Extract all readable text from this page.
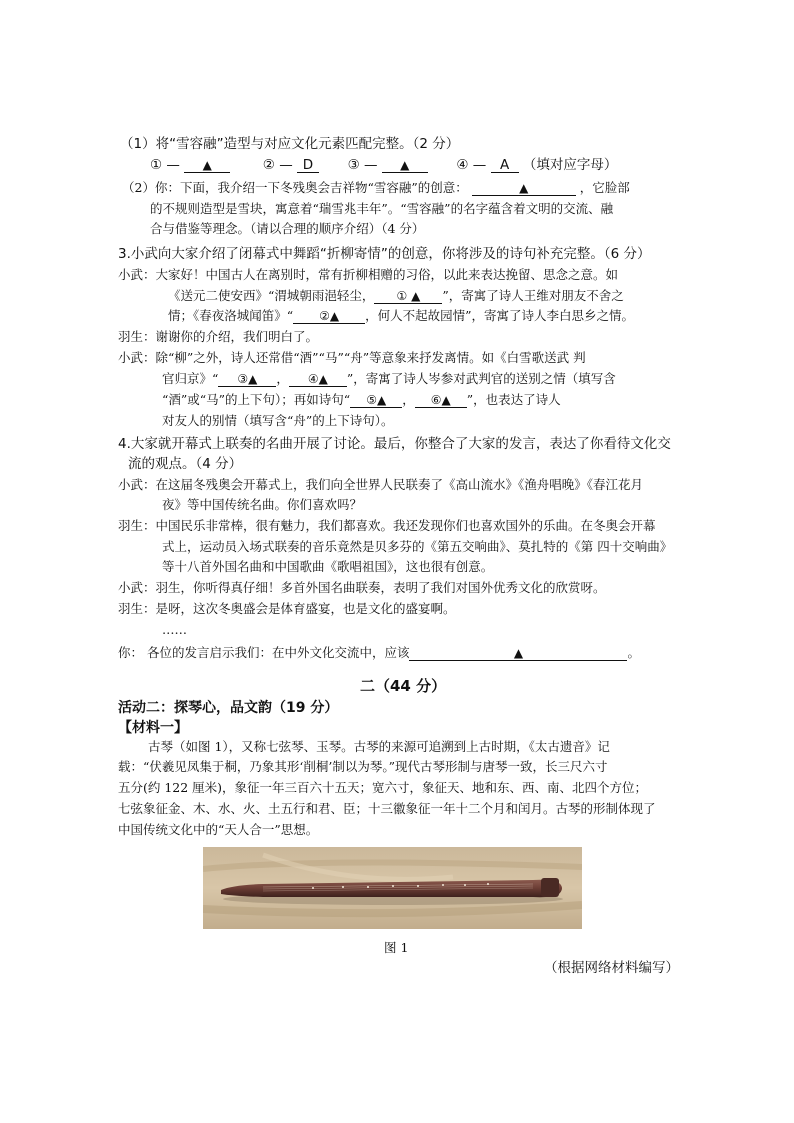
（1）将“雪容融”造型与对应文化元素匹配完整。（2 分）
① — ▲	② — D	③ — ▲	④ — A （填对应字母）
（2）你：下面，我介绍一下冬残奥会吉祥物“雪容融”的创意：	▲	，它脸部
的不规则造型是雪块，寓意着“瑞雪兆丰年”。“雪容融”的名字蕴含着文明的交流、融
合与借鉴等理念。（请以合理的顺序介绍）（4 分）
3.小武向大家介绍了闭幕式中舞蹈“折柳寄情”的创意，你将涉及的诗句补充完整。（6 分）
小武：大家好！中国古人在离别时，常有折柳相赠的习俗，以此来表达挽留、思念之意。如
《送元二使安西》“渭城朝雨浥轻尘， ① ▲ ”，寄寓了诗人王维对朋友不舍之
情；《春夜洛城闻笛》“ ②▲ ，何人不起故园情”，寄寓了诗人李白思乡之情。
羽生：谢谢你的介绍，我们明白了。
小武：除“柳”之外，诗人还常借“酒”“马”“舟”等意象来抒发离情。如《白雪歌送武 判
官归京》“ ③▲ ， ④▲ ”，寄寓了诗人岑参对武判官的送别之情（填写含
“酒”或“马”的上下句）；再如诗句“ ⑤▲ ， ⑥▲ ”，也表达了诗人
对友人的别情（填写含“舟”的上下诗句）。
4.大家就开幕式上联奏的名曲开展了讨论。最后，你整合了大家的发言，表达了你看待文化交
流的观点。（4 分）
小武：在这届冬残奥会开幕式上，我们向全世界人民联奏了《高山流水》《渔舟唱晚》《春江花月
夜》等中国传统名曲。你们喜欢吗？
羽生：中国民乐非常棒，很有魅力，我们都喜欢。我还发现你们也喜欢国外的乐曲。在冬奥会开幕
式上，运动员入场式联奏的音乐竟然是贝多芬的《第五交响曲》、莫扎特的《第 四十交响曲》
等十八首外国名曲和中国歌曲《歌唱祖国》，这也很有创意。
小武：羽生，你听得真仔细！多首外国名曲联奏，表明了我们对国外优秀文化的欣赏呀。
羽生：是呀，这次冬奥盛会是体育盛宴，也是文化的盛宴啊。
……
你： 各位的发言启示我们：在中外文化交流中，应该	▲	。
二（44 分）
活动二：探琴心，品文韵（19 分）
【材料一】
古琴（如图 1），又称七弦琴、玉琴。古琴的来源可追溯到上古时期，《太古遗音》记
载：“伏羲见凤集于桐，乃象其形‘削桐’制以为琴。”现代古琴形制与唐琴一致，长三尺六寸
五分(约 122 厘米)，象征一年三百六十五天；宽六寸，象征天、地和东、西、南、北四个方位；
七弦象征金、木、水、火、土五行和君、臣；十三徽象征一年十二个月和闰月。古琴的形制体现了
中国传统文化中的“天人合一”思想。
图 1
（根据网络材料编写）
